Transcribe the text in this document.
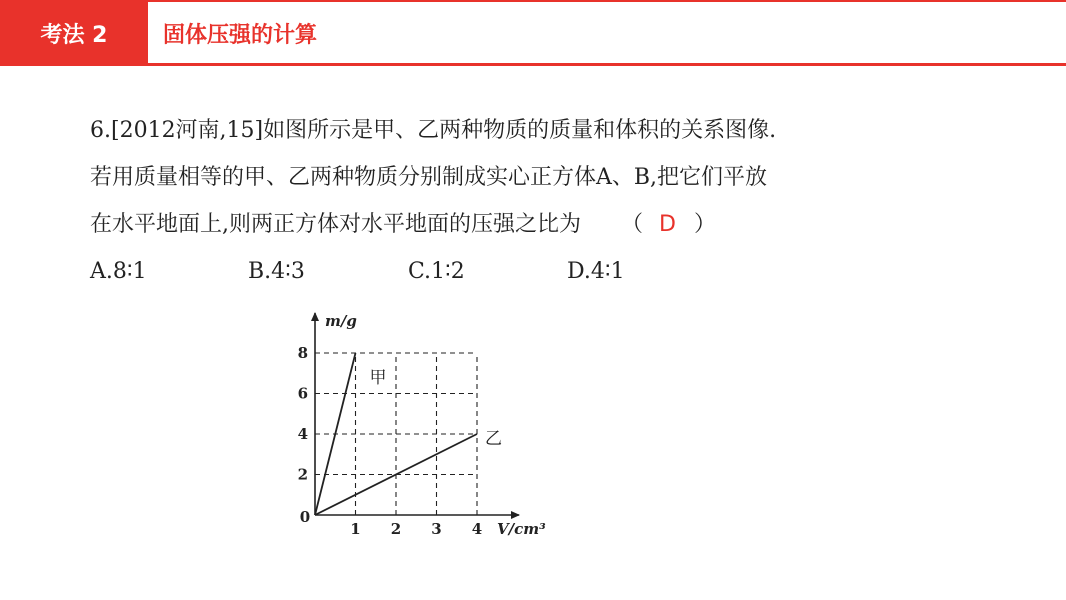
考法 2	固体压强的计算
6.[2012河南,15]如图所示是甲、乙两种物质的质量和体积的关系图像.
若用质量相等的甲、乙两种物质分别制成实心正方体A、B,把它们平放
在水平地面上,则两正方体对水平地面的压强之比为 （ D ）
A.8∶1	B.4∶3	C.1∶2	D.4∶1
甲
乙
1 2 3 4
2
4
6
8
V/cm³
m/g
0
